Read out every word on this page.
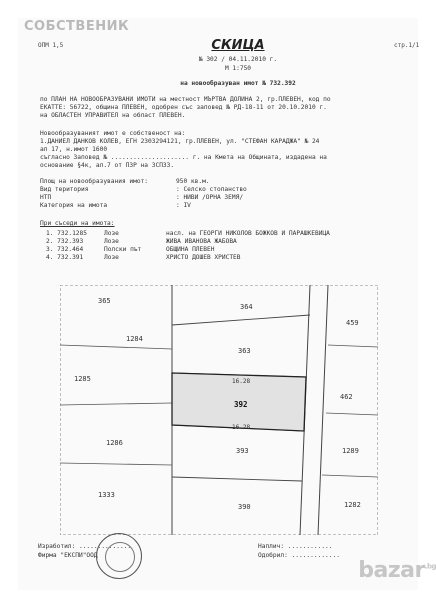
СОБСТВЕНИК
ОПМ 1,5	стр.1/1
СКИЦА
№ 302 / 04.11.2010 г.
М 1:750
на новообразуван имот № 732.392
по ПЛАН НА НОВООБРАЗУВАНИ ИМОТИ на местност МЪРТВА ДОЛИНА 2, гр.ПЛЕВЕН, код по
ЕКАТТЕ: 56722, община ПЛЕВЕН, одобрен със заповед № РД-18-11 от 20.10.2010 г.
на ОБЛАСТЕН УПРАВИТЕЛ на област ПЛЕВЕН.
Новообразуваният имот е собственост на:
1.ДАНИЕЛ ДАНКОВ КОЛЕВ, ЕГН 2303294121, гр.ПЛЕВЕН, ул. "СТЕФАН КАРАДЖА" № 24
ап 17, н.имот 1600
съгласно Заповед № ..................... г. на Кмета на Общината, издадена на
основание §4к, ал.7 от ПЗР на ЗСПЗЗ.
Площ на новообразувания имот:	950 кв.м.
Вид територия	: Селско стопанство
НТП	: НИВИ /ОРНА ЗЕМЯ/
Категория на имота	: IV
При съседи на имота:
1. 732.1285	Лозе	насл. на ГЕОРГИ НИКОЛОВ БОЖКОВ И ПАРАШКЕВИЦА
2. 732.393	Лозе	ЖИВА ИВАНОВА ЖАБОВА
3. 732.464	Полски път	ОБЩИНА ПЛЕВЕН
4. 732.391	Лозе	ХРИСТО ДОШЕВ ХРИСТЕВ
365
364
459
1284
363
1285	16.28
392
16.28
462
393	1289
1286
1333
390	1282
Изработил: ..............
Фирма "ЕКСПИ"ООД
Наплич: ............
Одобрил: .............
bazar$^{.bg}$
